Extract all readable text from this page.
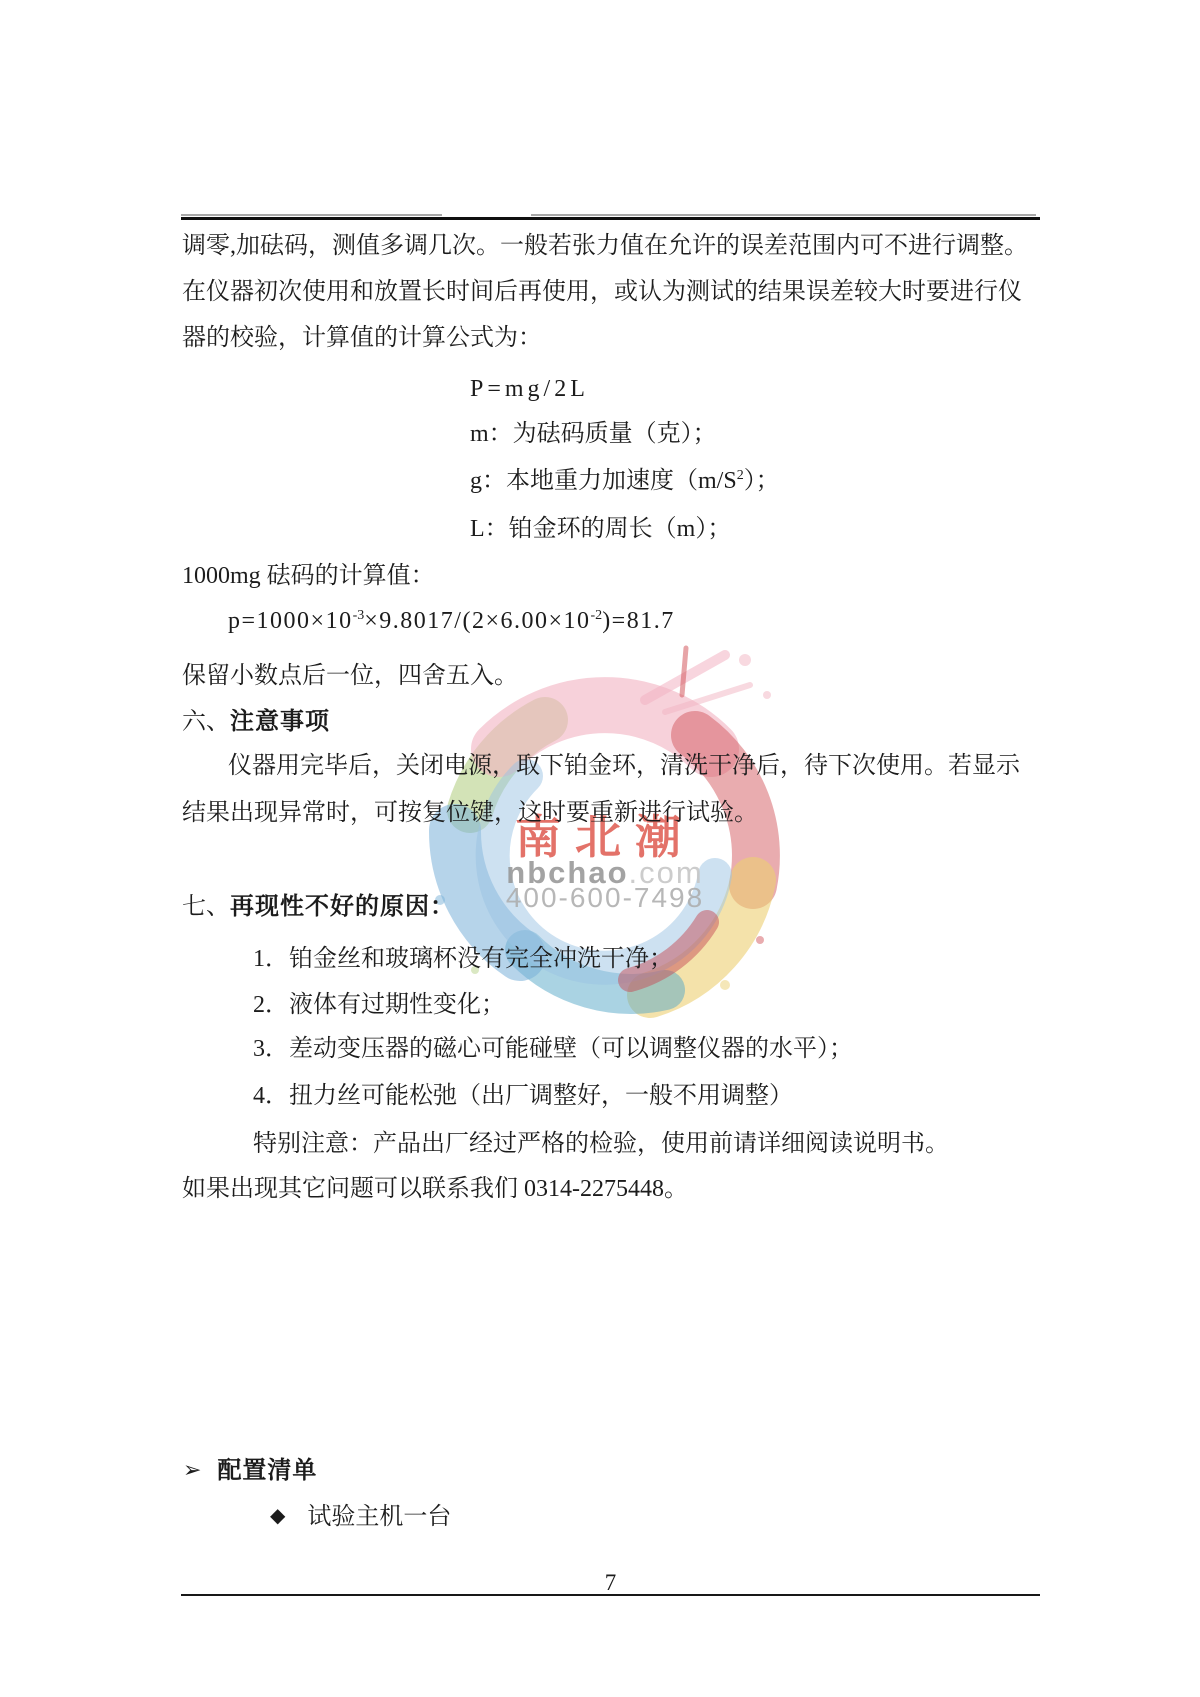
南北潮
nbchao.com
400-600-7498
调零,加砝码，测值多调几次。一般若张力值在允许的误差范围内可不进行调整。
在仪器初次使用和放置长时间后再使用，或认为测试的结果误差较大时要进行仪
器的校验，计算值的计算公式为：
P=mg/2L
m：为砝码质量（克）；
g：本地重力加速度$(m/S^2)$；
L：铂金环的周长（m）；
1000mg 砝码的计算值：
$p=1000\times 10^{-3}\times 9.8017/(2\times 6.00\times 10^{-2})=81.7$
保留小数点后一位，四舍五入。
六、注意事项
仪器用完毕后，关闭电源，取下铂金环，清洗干净后，待下次使用。若显示
结果出现异常时，可按复位键，这时要重新进行试验。
七、再现性不好的原因：
1．铂金丝和玻璃杯没有完全冲洗干净；
2．液体有过期性变化；
3．差动变压器的磁心可能碰壁（可以调整仪器的水平）；
4．扭力丝可能松弛（出厂调整好，一般不用调整）
特别注意：产品出厂经过严格的检验，使用前请详细阅读说明书。
如果出现其它问题可以联系我们 0314-2275448。
➢ 配置清单
◆ 试验主机一台
7
